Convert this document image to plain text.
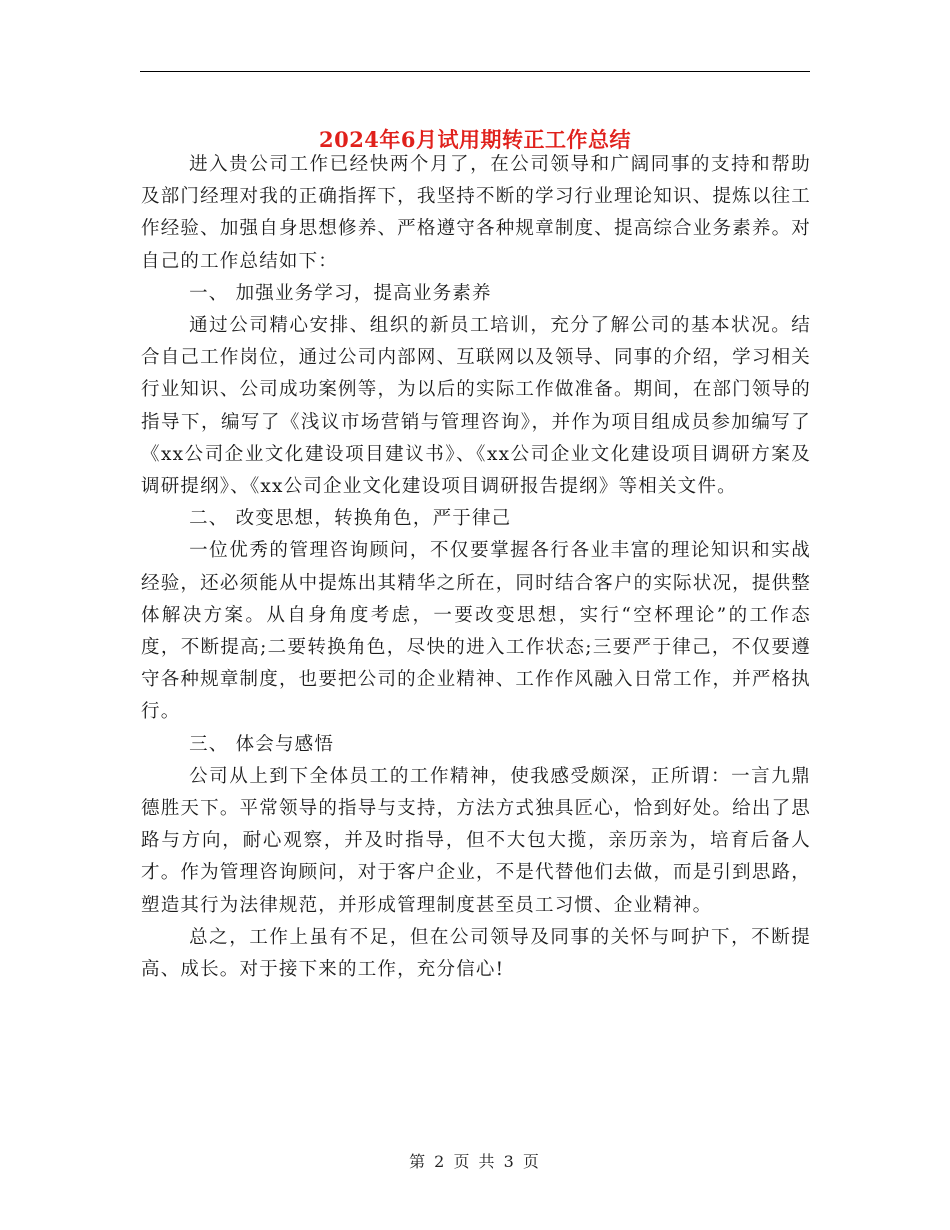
2024年6月试用期转正工作总结

进入贵公司工作已经快两个月了，在公司领导和广阔同事的支持和帮助及部门经理对我的正确指挥下，我坚持不断的学习行业理论知识、提炼以往工作经验、加强自身思想修养、严格遵守各种规章制度、提高综合业务素养。对自己的工作总结如下：

一、 加强业务学习，提高业务素养

通过公司精心安排、组织的新员工培训，充分了解公司的基本状况。结合自己工作岗位，通过公司内部网、互联网以及领导、同事的介绍，学习相关行业知识、公司成功案例等，为以后的实际工作做准备。期间，在部门领导的指导下，编写了《浅议市场营销与管理咨询》，并作为项目组成员参加编写了《xx公司企业文化建设项目建议书》、《xx公司企业文化建设项目调研方案及调研提纲》、《xx公司企业文化建设项目调研报告提纲》等相关文件。

二、 改变思想，转换角色，严于律己

一位优秀的管理咨询顾问，不仅要掌握各行各业丰富的理论知识和实战经验，还必须能从中提炼出其精华之所在，同时结合客户的实际状况，提供整体解决方案。从自身角度考虑，一要改变思想，实行“空杯理论”的工作态度，不断提高;二要转换角色，尽快的进入工作状态;三要严于律己，不仅要遵守各种规章制度，也要把公司的企业精神、工作作风融入日常工作，并严格执行。

三、 体会与感悟

公司从上到下全体员工的工作精神，使我感受颇深，正所谓：一言九鼎德胜天下。平常领导的指导与支持，方法方式独具匠心，恰到好处。给出了思路与方向，耐心观察，并及时指导，但不大包大揽，亲历亲为，培育后备人才。作为管理咨询顾问，对于客户企业，不是代替他们去做，而是引到思路，塑造其行为法律规范，并形成管理制度甚至员工习惯、企业精神。

总之，工作上虽有不足，但在公司领导及同事的关怀与呵护下，不断提高、成长。对于接下来的工作，充分信心!

第 2 页 共 3 页
